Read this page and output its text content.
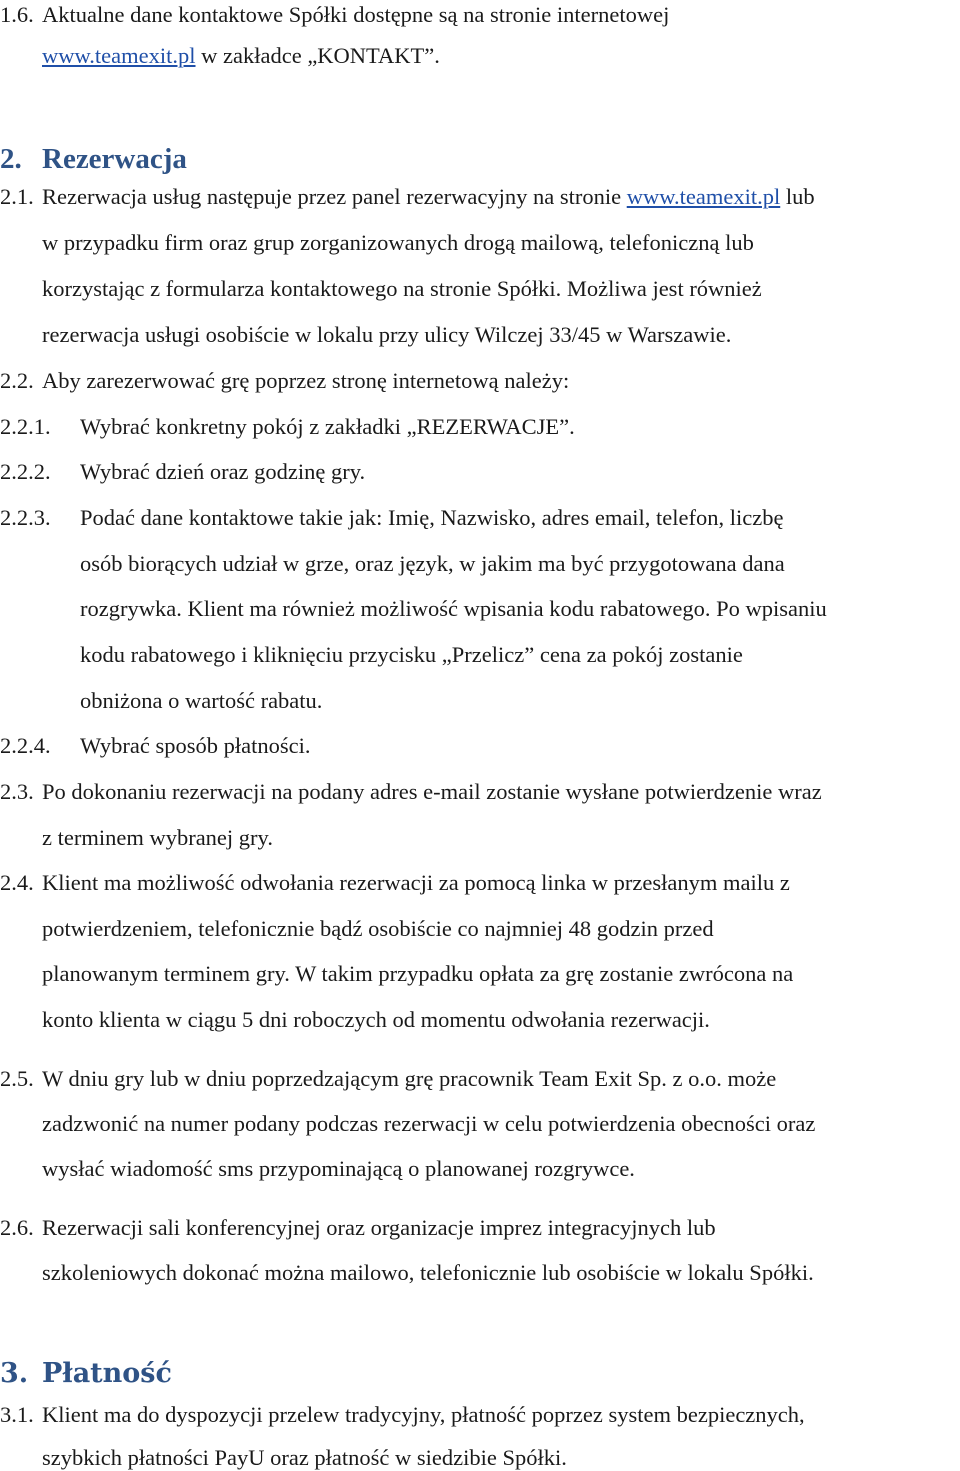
1.6. Aktualne dane kontaktowe Spółki dostępne są na stronie internetowej
www.teamexit.pl w zakładce „KONTAKT”.
2. Rezerwacja
2.1. Rezerwacja usług następuje przez panel rezerwacyjny na stronie www.teamexit.pl lub
w przypadku firm oraz grup zorganizowanych drogą mailową, telefoniczną lub
korzystając z formularza kontaktowego na stronie Spółki. Możliwa jest również
rezerwacja usługi osobiście w lokalu przy ulicy Wilczej 33/45 w Warszawie.
2.2. Aby zarezerwować grę poprzez stronę internetową należy:
2.2.1. Wybrać konkretny pokój z zakładki „REZERWACJE”.
2.2.2. Wybrać dzień oraz godzinę gry.
2.2.3. Podać dane kontaktowe takie jak: Imię, Nazwisko, adres email, telefon, liczbę
osób biorących udział w grze, oraz język, w jakim ma być przygotowana dana
rozgrywka. Klient ma również możliwość wpisania kodu rabatowego. Po wpisaniu
kodu rabatowego i kliknięciu przycisku „Przelicz” cena za pokój zostanie
obniżona o wartość rabatu.
2.2.4. Wybrać sposób płatności.
2.3. Po dokonaniu rezerwacji na podany adres e-mail zostanie wysłane potwierdzenie wraz
z terminem wybranej gry.
2.4. Klient ma możliwość odwołania rezerwacji za pomocą linka w przesłanym mailu z
potwierdzeniem, telefonicznie bądź osobiście co najmniej 48 godzin przed
planowanym terminem gry. W takim przypadku opłata za grę zostanie zwrócona na
konto klienta w ciągu 5 dni roboczych od momentu odwołania rezerwacji.
2.5. W dniu gry lub w dniu poprzedzającym grę pracownik Team Exit Sp. z o.o. może
zadzwonić na numer podany podczas rezerwacji w celu potwierdzenia obecności oraz
wysłać wiadomość sms przypominającą o planowanej rozgrywce.
2.6. Rezerwacji sali konferencyjnej oraz organizacje imprez integracyjnych lub
szkoleniowych dokonać można mailowo, telefonicznie lub osobiście w lokalu Spółki.
3. Płatność
3.1. Klient ma do dyspozycji przelew tradycyjny, płatność poprzez system bezpiecznych,
szybkich płatności PayU oraz płatność w siedzibie Spółki.
